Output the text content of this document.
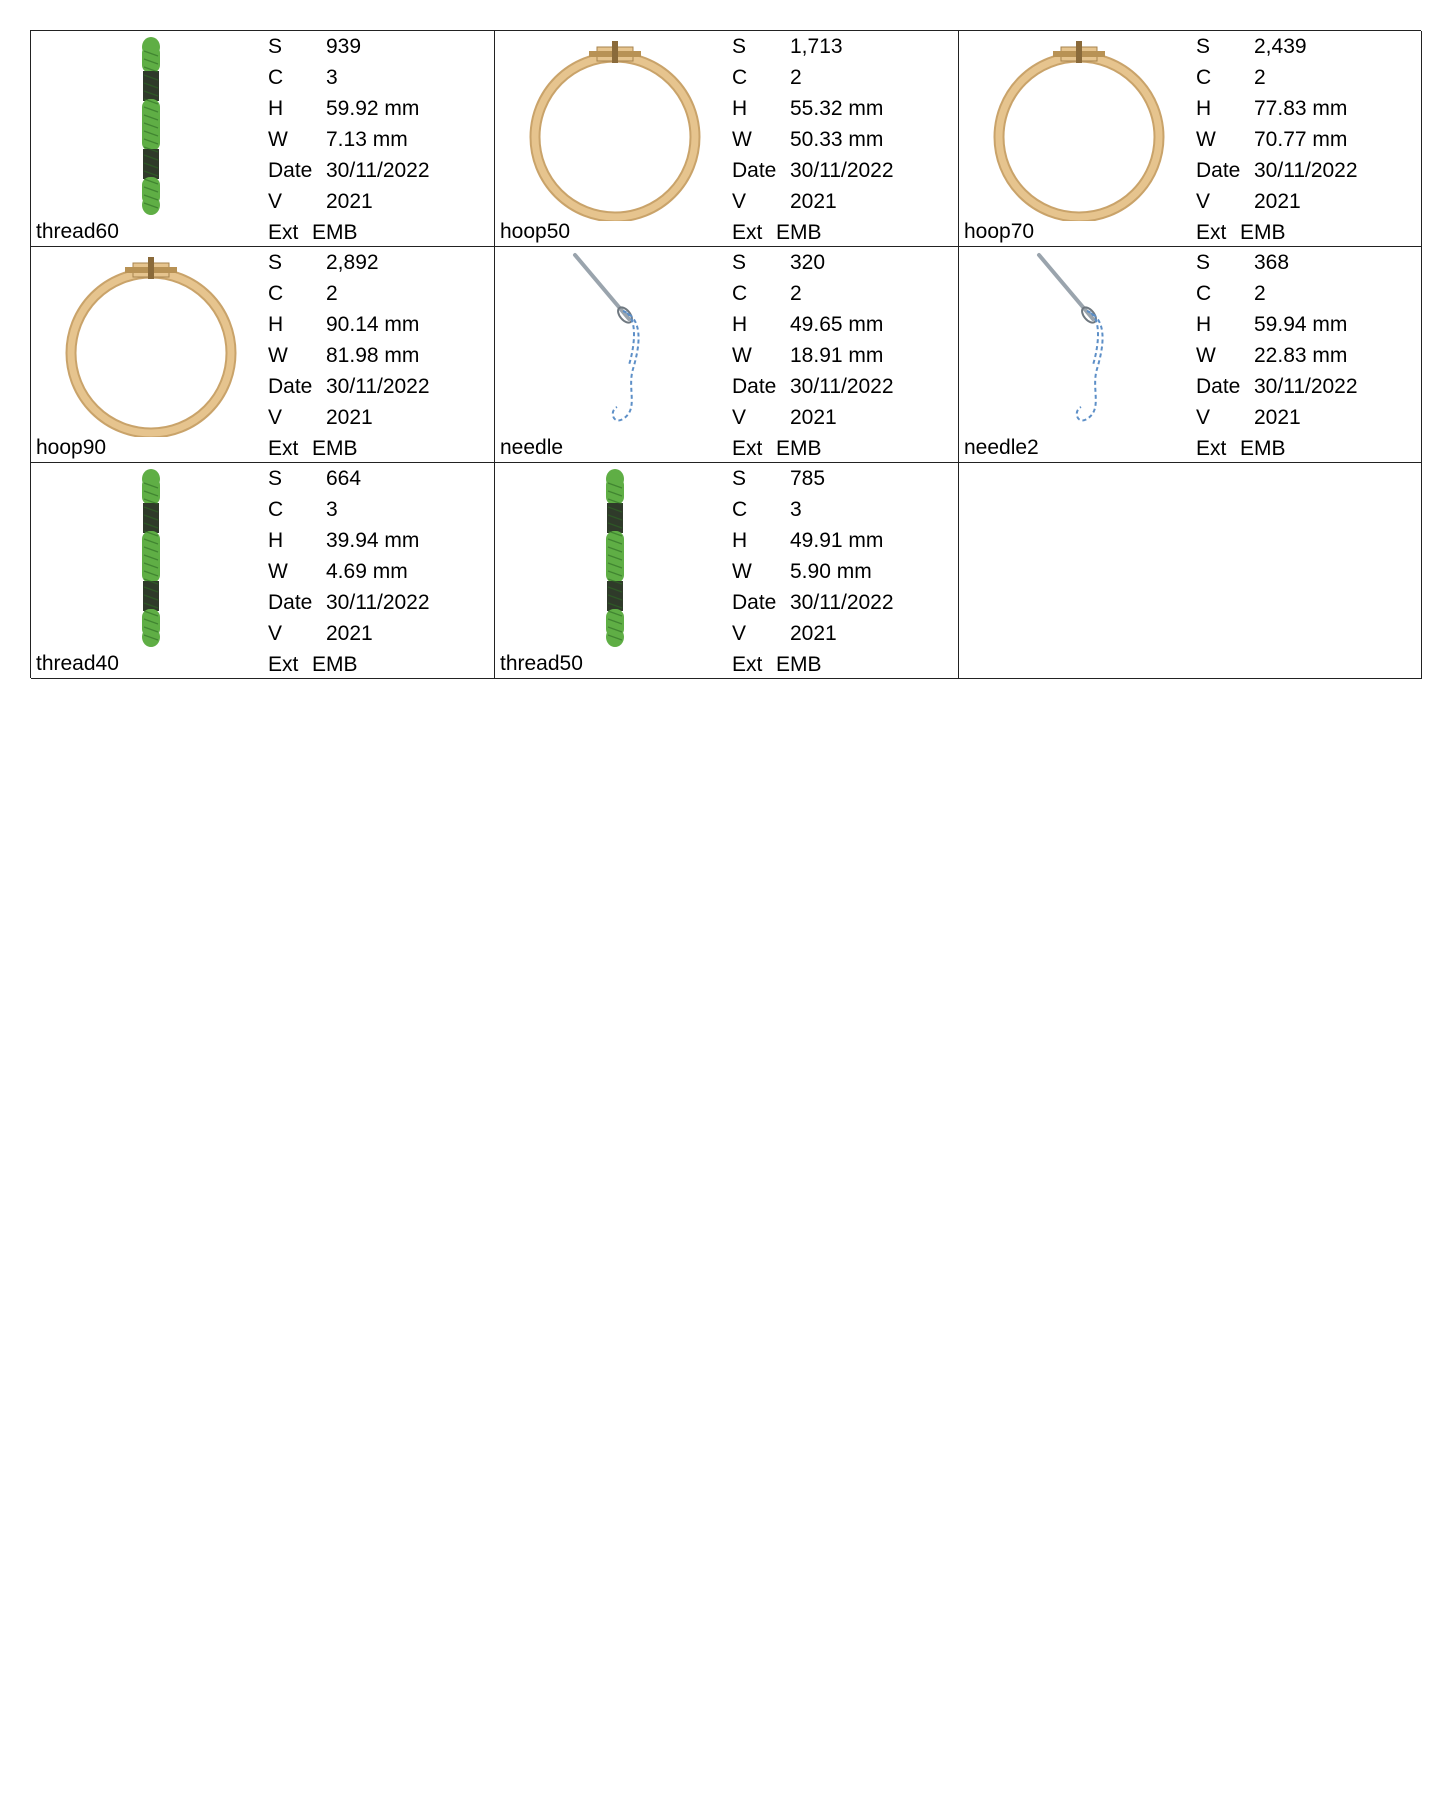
thread60
S 939
C 3
H 59.92 mm
W 7.13 mm
Date 30/11/2022
V 2021
Ext EMB	hoop50
S 1,713
C 2
H 55.32 mm
W 50.33 mm
Date 30/11/2022
V 2021
Ext EMB	hoop70
S 2,439
C 2
H 77.83 mm
W 70.77 mm
Date 30/11/2022
V 2021
Ext EMB
hoop90
S 2,892
C 2
H 90.14 mm
W 81.98 mm
Date 30/11/2022
V 2021
Ext EMB	needle
S 320
C 2
H 49.65 mm
W 18.91 mm
Date 30/11/2022
V 2021
Ext EMB	needle2
S 368
C 2
H 59.94 mm
W 22.83 mm
Date 30/11/2022
V 2021
Ext EMB
thread40
S 664
C 3
H 39.94 mm
W 4.69 mm
Date 30/11/2022
V 2021
Ext EMB	thread50
S 785
C 3
H 49.91 mm
W 5.90 mm
Date 30/11/2022
V 2021
Ext EMB
